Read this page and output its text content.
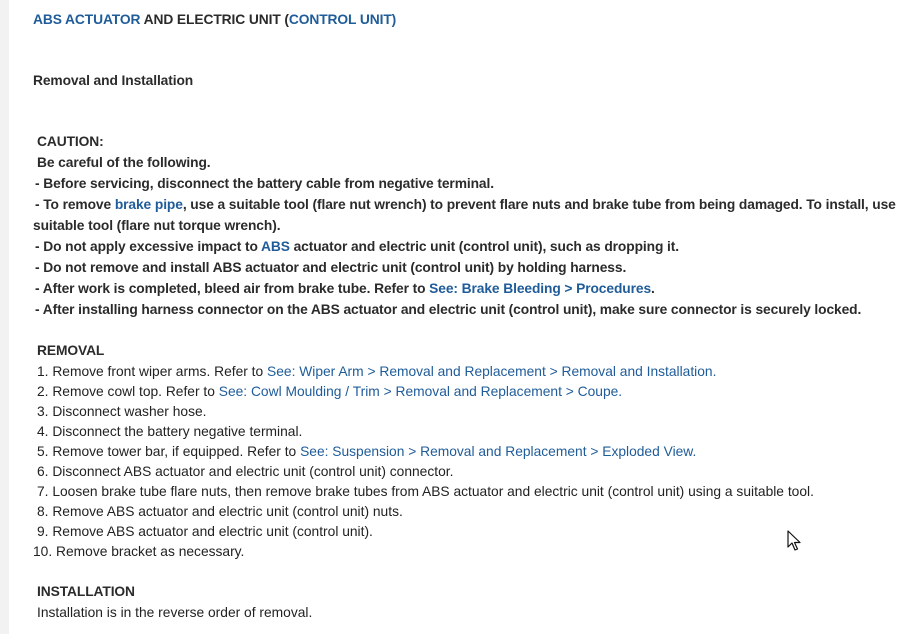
ABS ACTUATOR AND ELECTRIC UNIT (CONTROL UNIT)
Removal and Installation
CAUTION:
Be careful of the following.
- Before servicing, disconnect the battery cable from negative terminal.
- To remove brake pipe, use a suitable tool (flare nut wrench) to prevent flare nuts and brake tube from being damaged. To install, use
suitable tool (flare nut torque wrench).
- Do not apply excessive impact to ABS actuator and electric unit (control unit), such as dropping it.
- Do not remove and install ABS actuator and electric unit (control unit) by holding harness.
- After work is completed, bleed air from brake tube. Refer to See: Brake Bleeding > Procedures.
- After installing harness connector on the ABS actuator and electric unit (control unit), make sure connector is securely locked.
REMOVAL
1. Remove front wiper arms. Refer to See: Wiper Arm > Removal and Replacement > Removal and Installation.
2. Remove cowl top. Refer to See: Cowl Moulding / Trim > Removal and Replacement > Coupe.
3. Disconnect washer hose.
4. Disconnect the battery negative terminal.
5. Remove tower bar, if equipped. Refer to See: Suspension > Removal and Replacement > Exploded View.
6. Disconnect ABS actuator and electric unit (control unit) connector.
7. Loosen brake tube flare nuts, then remove brake tubes from ABS actuator and electric unit (control unit) using a suitable tool.
8. Remove ABS actuator and electric unit (control unit) nuts.
9. Remove ABS actuator and electric unit (control unit).
10. Remove bracket as necessary.
INSTALLATION
Installation is in the reverse order of removal.
